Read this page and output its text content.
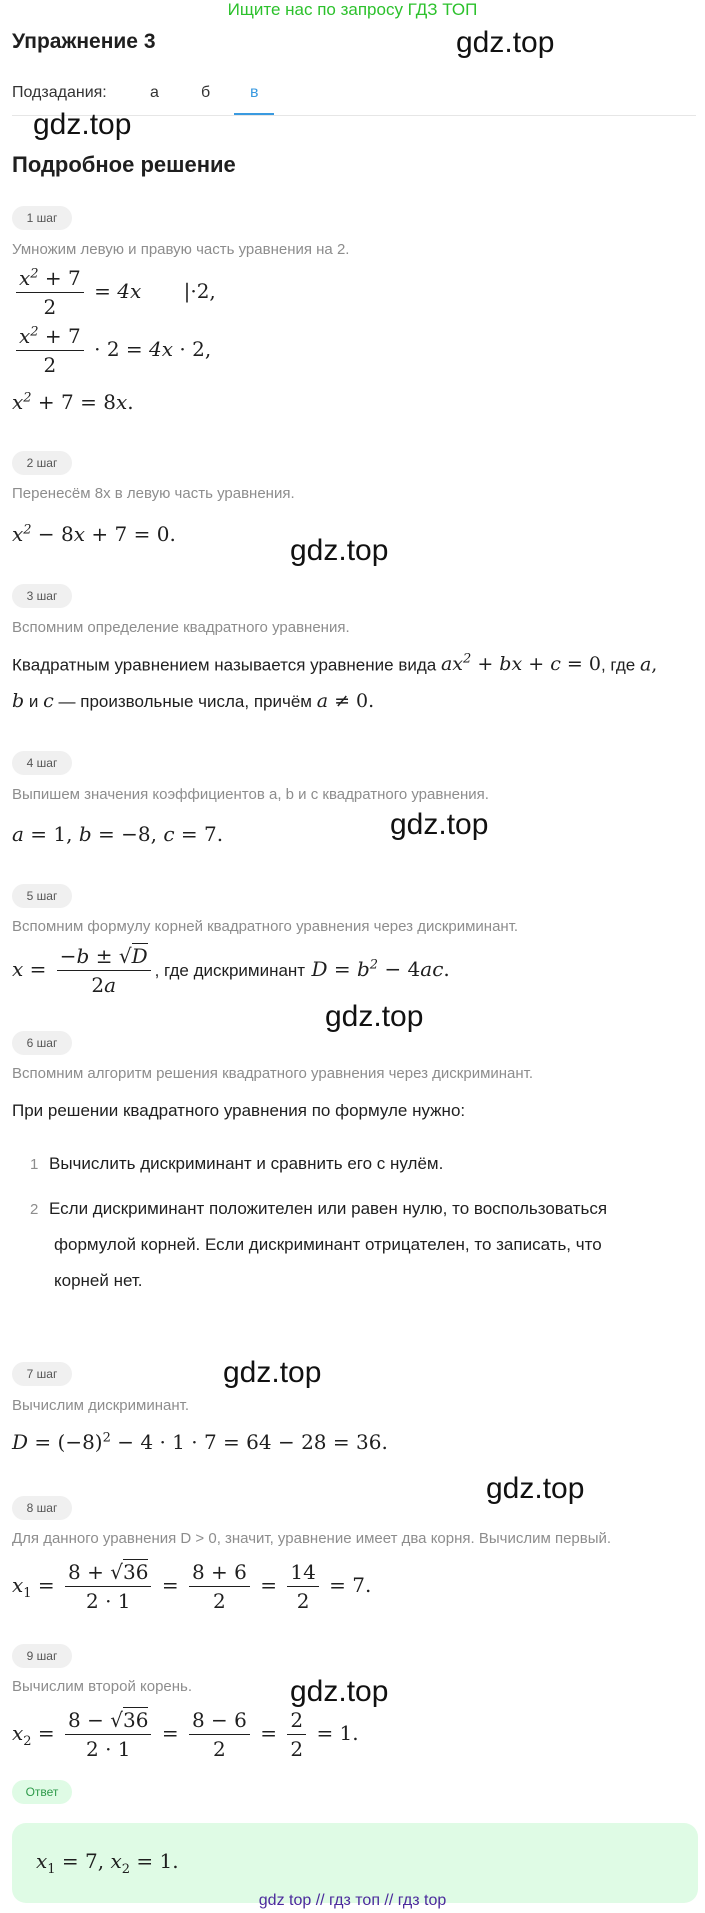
Ищите нас по запросу ГДЗ ТОП
Упражнение 3	gdz.top
Подзадания:	а	б в
gdz.top
Подробное решение
1 шаг
Умножим левую и правую часть уравнения на 2.
$\frac{x^2 + 7}{2} = 4x$ |·2,
$\frac{x^2 + 7}{2} \cdot 2 = 4x \cdot 2$,
$x^2 + 7 = 8x$.
2 шаг
Перенесём 8x в левую часть уравнения.
$x^2 - 8x + 7 = 0$.	gdz.top
3 шаг
Вспомним определение квадратного уравнения.
Квадратным уравнением называется уравнение вида $ax^2$ + bx + c = 0, где a,
b и c — произвольные числа, причём a ≠ 0.
4 шаг
Выпишем значения коэффициентов a, b и c квадратного уравнения.
a = 1, b = −8, c = 7.	gdz.top
5 шаг
Вспомним формулу корней квадратного уравнения через дискриминант.
$x = \frac{-b \pm √D}{2a}$ , где дискриминант $D = b^2 - 4ac$.
gdz.top
6 шаг
Вспомним алгоритм решения квадратного уравнения через дискриминант.
При решении квадратного уравнения по формуле нужно:
1 Вычислить дискриминант и сравнить его с нулём.
2 Если дискриминант положителен или равен нулю, то воспользоваться
формулой корней. Если дискриминант отрицателен, то записать, что
корней нет.
7 шаг	gdz.top
Вычислим дискриминант.
$D = (-8)^2 - 4 \cdot 1 \cdot 7 = 64 - 28 = 36$.
gdz.top
8 шаг
Для данного уравнения D > 0, значит, уравнение имеет два корня. Вычислим первый.
$x_1 = \frac{8 + √36}{2 \cdot 1} = \frac{8 + 6}{2} = \frac{14}{2} = 7$.
9 шаг
gdz.top
Вычислим второй корень.
$x_2 = \frac{8 - √36}{2 \cdot 1} = \frac{8 - 6}{2} = \frac{2}{2} = 1$.
Ответ
$x_1 = 7$, $x_2 = 1$.
gdz top // гдз топ // гдз top
